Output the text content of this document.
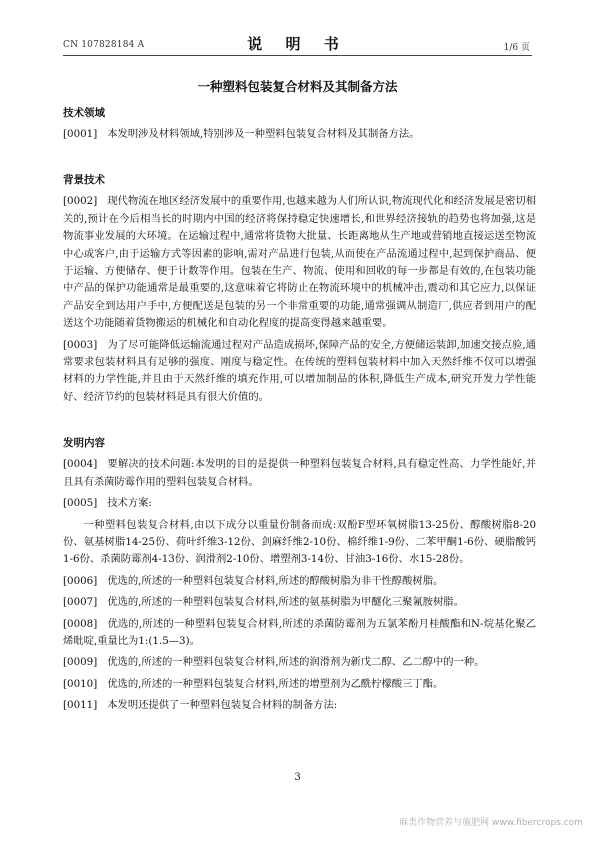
CN 107828184 A	说 明 书	1/6 页
一种塑料包装复合材料及其制备方法
技术领域
[0001] 本发明涉及材料领域,特别涉及一种塑料包装复合材料及其制备方法。
背景技术
[0002] 现代物流在地区经济发展中的重要作用,也越来越为人们所认识,物流现代化和经济发展是密切相关的,预计在今后相当长的时期内中国的经济将保持稳定快速增长,和世界经济接轨的趋势也将加强,这是物流事业发展的大环境。在运输过程中,通常将货物大批量、长距离地从生产地或营销地直接运送至物流中心或客户,由于运输方式等因素的影响,需对产品进行包装,从而使在产品流通过程中,起到保护商品、便于运输、方便储存、便于计数等作用。包装在生产、物流、使用和回收的每一步都是有效的,在包装功能中产品的保护功能通常是最重要的,这意味着它将防止在物流环境中的机械冲击,震动和其它应力,以保证产品安全到达用户手中,方便配送是包装的另一个非常重要的功能,通常强调从制造厂,供应者到用户的配送这个功能随着货物搬运的机械化和自动化程度的提高变得越来越重要。
[0003] 为了尽可能降低运输流通过程对产品造成损坏,保障产品的安全,方便储运装卸,加速交接点验,通常要求包装材料具有足够的强度、刚度与稳定性。在传统的塑料包装材料中加入天然纤维不仅可以增强材料的力学性能,并且由于天然纤维的填充作用,可以增加制品的体积,降低生产成本,研究开发力学性能好、经济节约的包装材料是具有很大价值的。
发明内容
[0004] 要解决的技术问题:本发明的目的是提供一种塑料包装复合材料,具有稳定性高、力学性能好,并且具有杀菌防霉作用的塑料包装复合材料。
[0005] 技术方案:
一种塑料包装复合材料,由以下成分以重量份制备而成:双酚F型环氧树脂13-25份、醇酸树脂8-20份、氨基树脂14-25份、荷叶纤维3-12份、剑麻纤维2-10份、棉纤维1-9份、二苯甲酮1-6份、硬脂酸钙1-6份、杀菌防霉剂4-13份、润滑剂2-10份、增塑剂3-14份、甘油3-16份、水15-28份。
[0006] 优选的,所述的一种塑料包装复合材料,所述的醇酸树脂为非干性醇酸树脂。
[0007] 优选的,所述的一种塑料包装复合材料,所述的氨基树脂为甲醚化三聚氰胺树脂。
[0008] 优选的,所述的一种塑料包装复合材料,所述的杀菌防霉剂为五氯苯酚月桂酸酯和N-烷基化聚乙烯吡啶,重量比为1:(1.5—3)。
[0009] 优选的,所述的一种塑料包装复合材料,所述的润滑剂为新戊二醇、乙二醇中的一种。
[0010] 优选的,所述的一种塑料包装复合材料,所述的增塑剂为乙酰柠檬酸三丁酯。
[0011] 本发明还提供了一种塑料包装复合材料的制备方法:
3
麻类作物营养与施肥网 www.fibercrops.com
